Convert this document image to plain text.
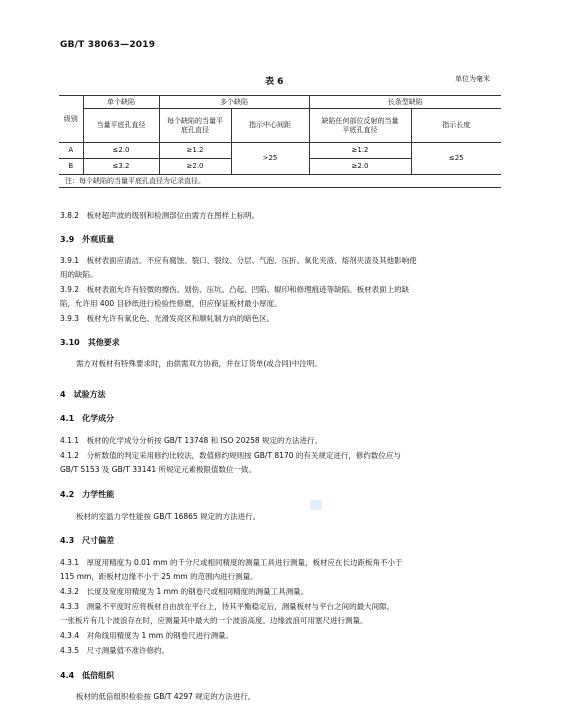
GB/T 38063—2019
表 6	单位为毫米
级别	单个缺陷	多个缺陷		长条型缺陷	
	当量平底孔直径	每个缺陷的当量平底孔直径	指示中心间距	缺陷任何部位反射的当量平底孔直径	指示长度
A	≤2.0	≥1.2	>25	≥1.2	≤25
B	≤3.2	≥2.0		≥2.0	
注：每个缺陷的当量平底孔直径为记录直径。					
3.8.2　板材超声波的级别和检测部位由需方在图样上标明。
3.9　外观质量
3.9.1　板材表面应清洁。不应有腐蚀、裂口、裂纹、分层、气泡、压折、氧化夹渣、熔剂夹渣及其他影响使
用的缺陷。
3.9.2　板材表面允许有轻微的擦伤、划伤、压坑、凸起、凹陷、辊印和修理痕迹等缺陷。板材表面上的缺
陷，允许用 400 目砂纸进行检验性修磨，但应保证板材最小厚度。
3.9.3　板材允许有氧化色、光滑发亮区和顺轧制方向的暗色区。
3.10　其他要求
需方对板材有特殊要求时，由供需双方协商，并在订货单(或合同)中注明。
4　试验方法
4.1　化学成分
4.1.1　板材的化学成分分析按 GB/T 13748 和 ISO 20258 规定的方法进行。
4.1.2　分析数值的判定采用修约比较法，数值修约规则按 GB/T 8170 的有关规定进行，修约数位应与
GB/T 5153 及 GB/T 33141 所规定元素极限值数位一致。
4.2　力学性能
板材的室温力学性能按 GB/T 16865 规定的方法进行。
4.3　尺寸偏差
4.3.1　厚度用精度为 0.01 mm 的千分尺或相同精度的测量工具进行测量，板材应在长边距板角不小于
115 mm，距板材边缘不小于 25 mm 的范围内进行测量。
4.3.2　长度及宽度用精度为 1 mm 的钢卷尺或相同精度的测量工具测量。
4.3.3　测量不平度时应将板材自由放在平台上，待其平衡稳定后，测量板材与平台之间的最大间隙。
一张板片有几个波浪存在时，应测量其中最大的一个波浪高度。边缘波浪可用塞尺进行测量。
4.3.4　对角线用精度为 1 mm 的钢卷尺进行测量。
4.3.5　尺寸测量值不准许修约。
4.4　低倍组织
板材的低倍组织检验按 GB/T 4297 规定的方法进行。
